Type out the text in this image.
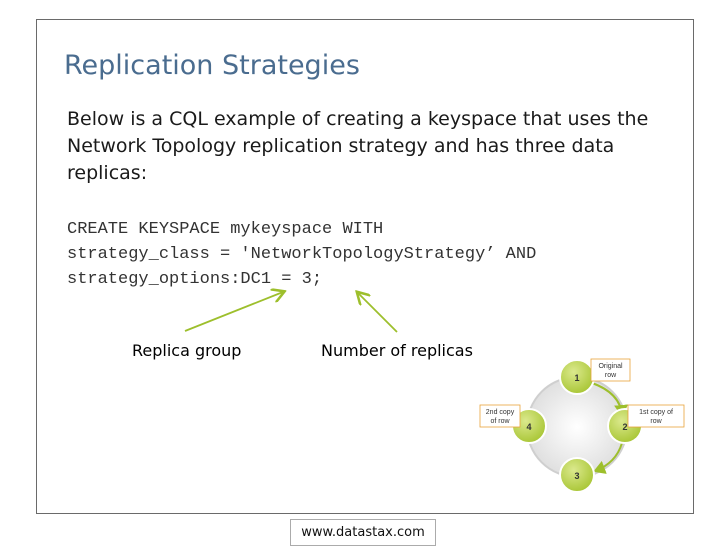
Replication Strategies
Below is a CQL example of creating a keyspace that uses the Network Topology replication strategy and has three data replicas:
CREATE KEYSPACE mykeyspace WITH
strategy_class = 'NetworkTopologyStrategy’ AND
strategy_options:DC1 = 3;
Replica group	Number of replicas
1
2
3
4
Original
row
1st copy of
row
2nd copy
of row
www.datastax.com
